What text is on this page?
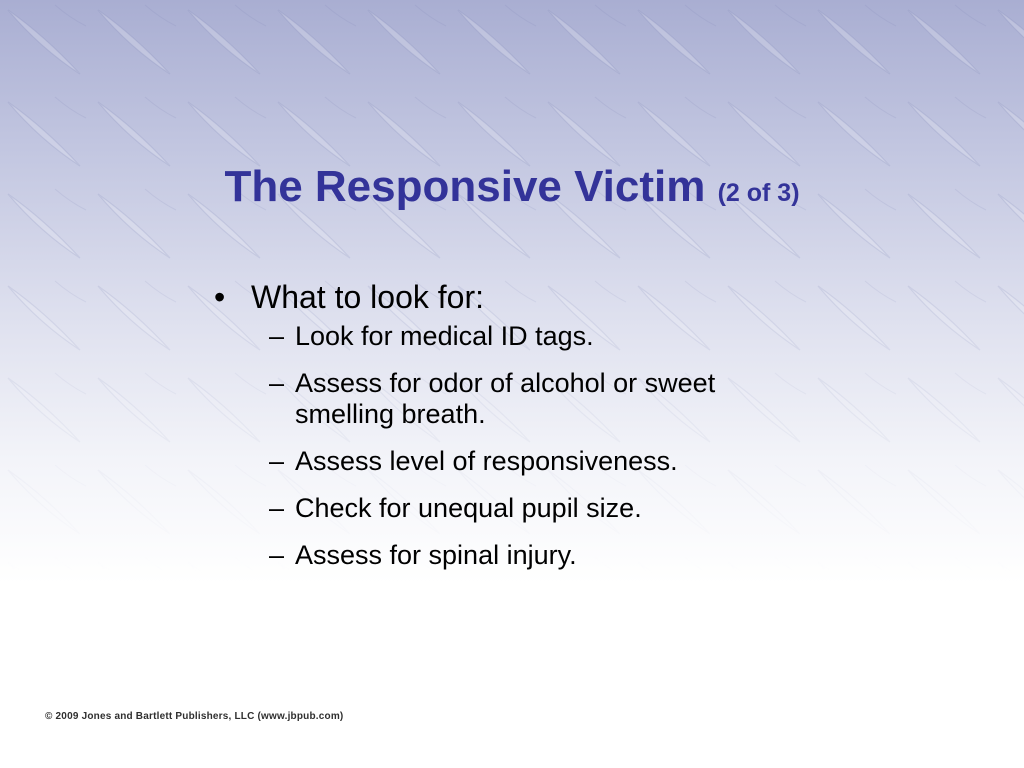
The Responsive Victim (2 of 3)
• What to look for:
– Look for medical ID tags.
– Assess for odor of alcohol or sweet smelling breath.
– Assess level of responsiveness.
– Check for unequal pupil size.
– Assess for spinal injury.
© 2009 Jones and Bartlett Publishers, LLC (www.jbpub.com)
